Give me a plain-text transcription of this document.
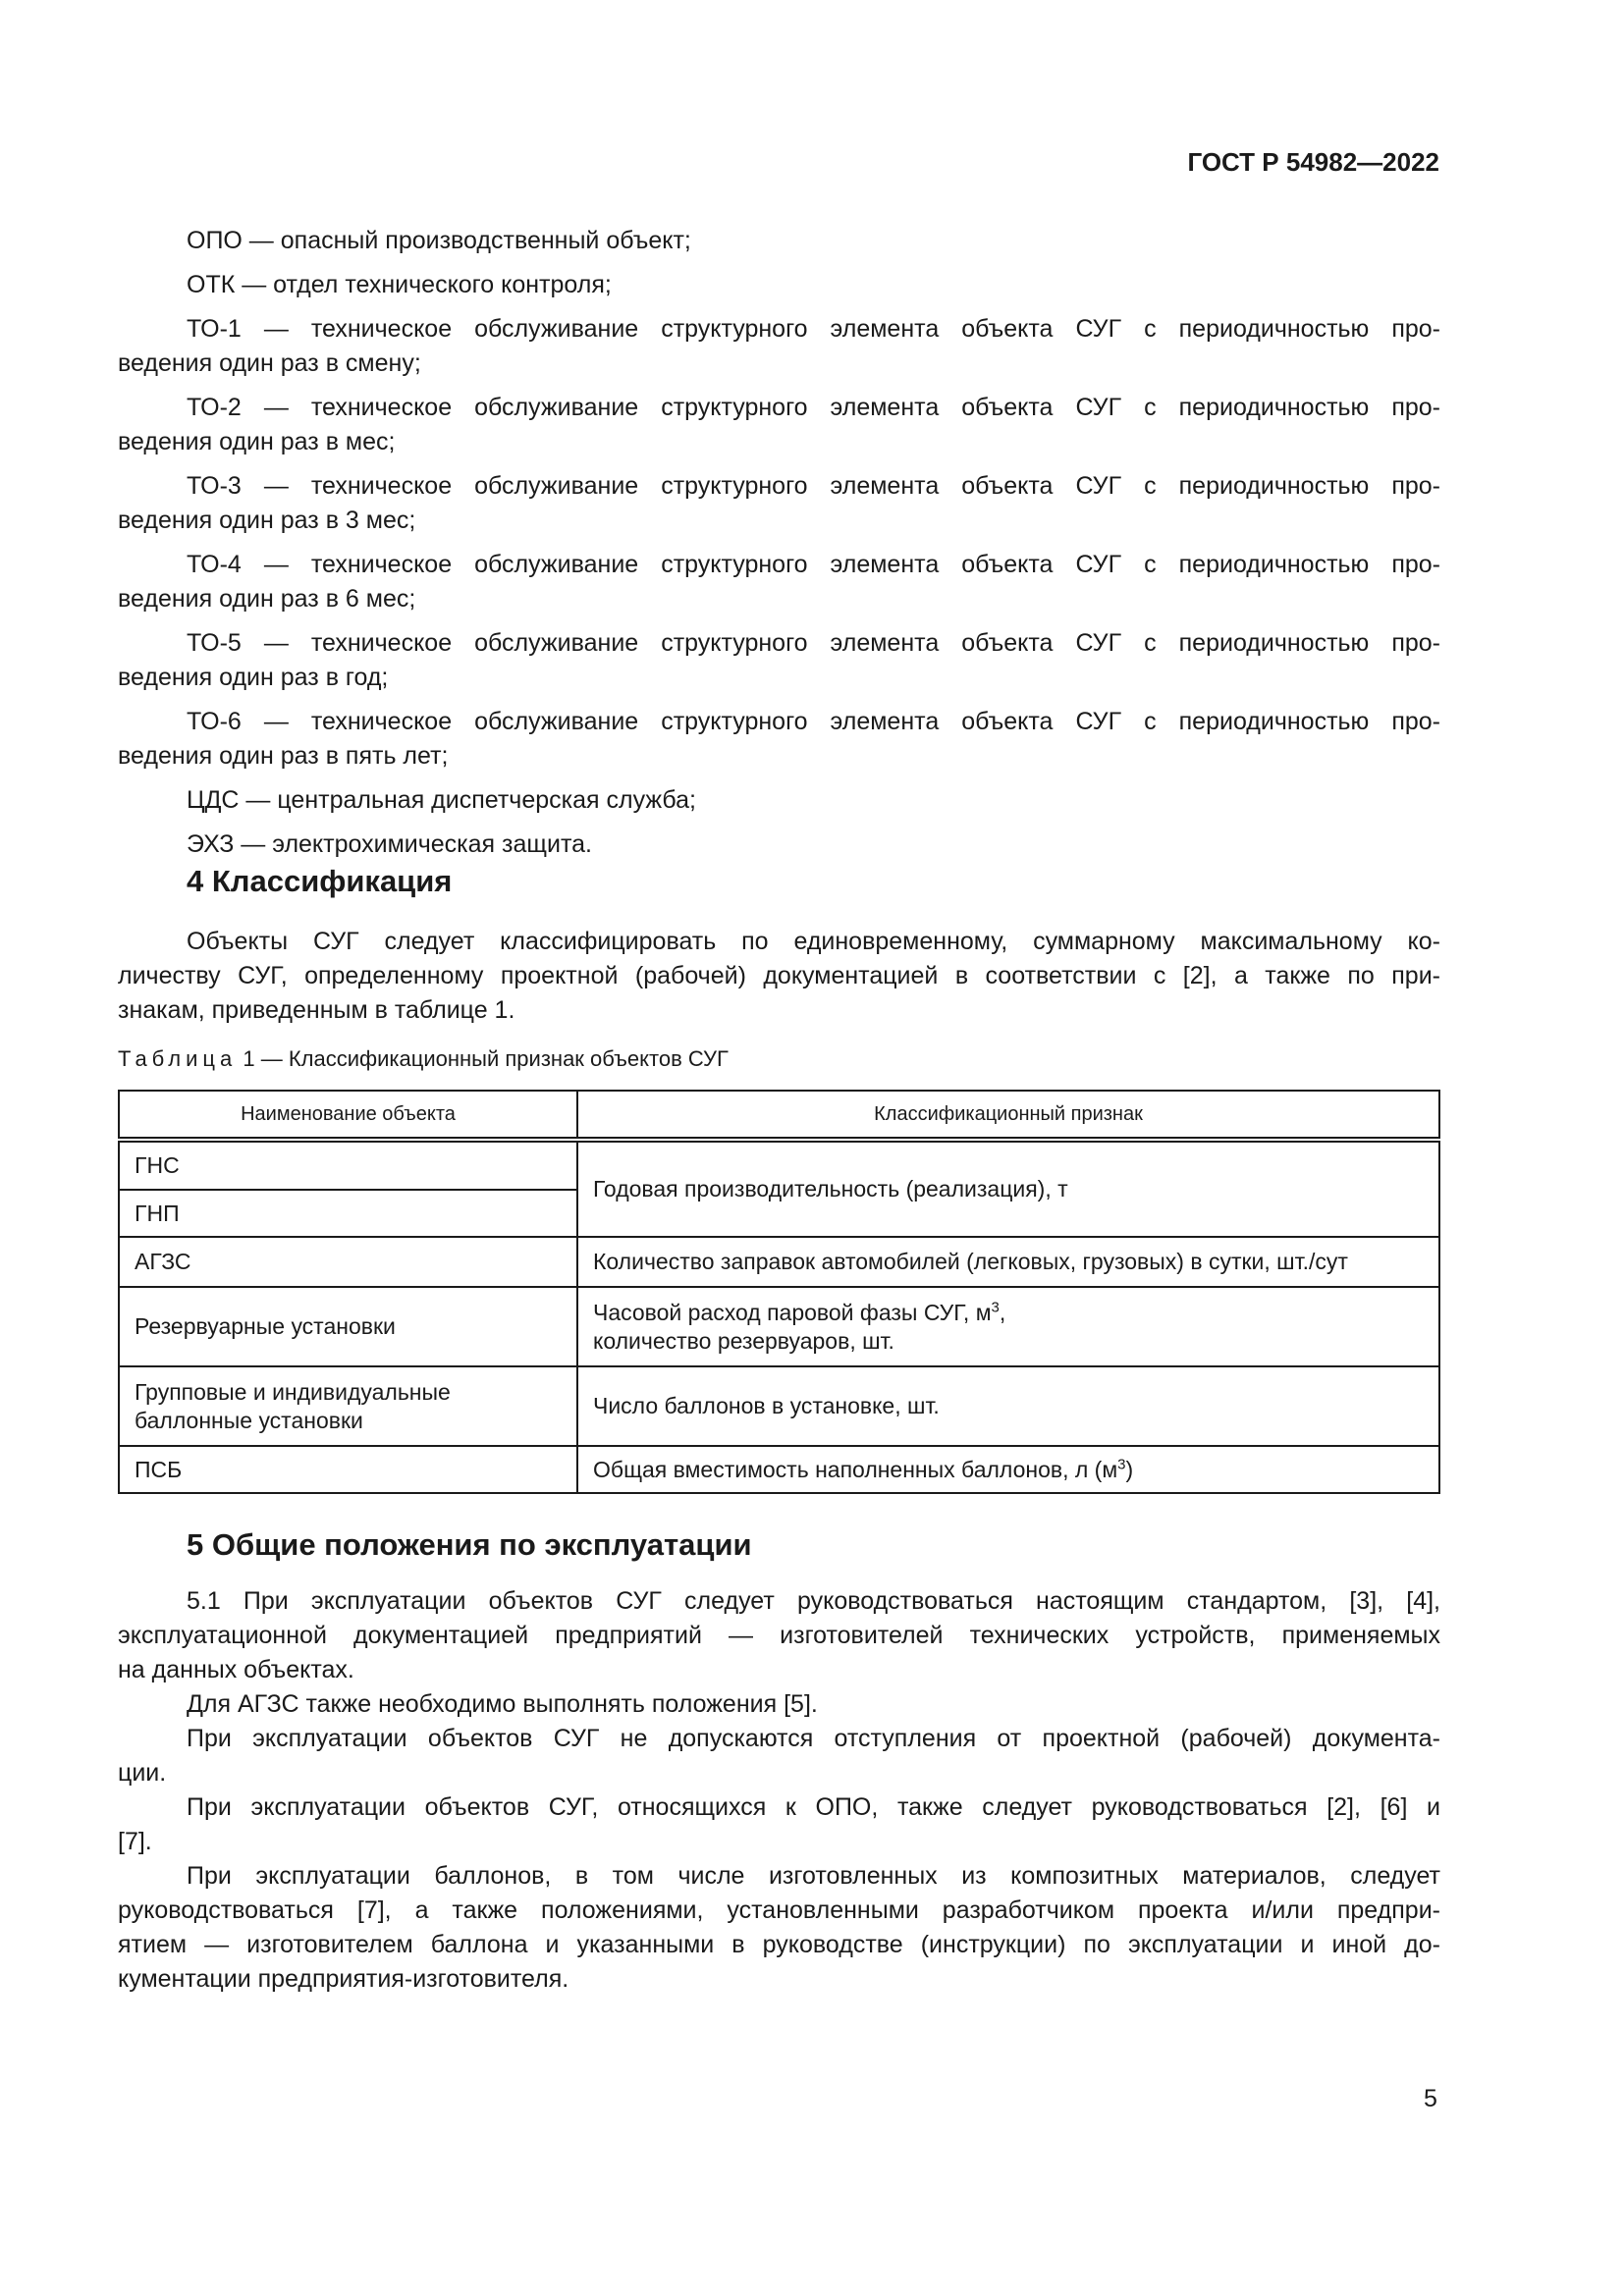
ГОСТ Р 54982—2022
ОПО — опасный производственный объект;
ОТК — отдел технического контроля;
ТО-1 — техническое обслуживание структурного элемента объекта СУГ с периодичностью про-
ведения один раз в смену;
ТО-2 — техническое обслуживание структурного элемента объекта СУГ с периодичностью про-
ведения один раз в мес;
ТО-3 — техническое обслуживание структурного элемента объекта СУГ с периодичностью про-
ведения один раз в 3 мес;
ТО-4 — техническое обслуживание структурного элемента объекта СУГ с периодичностью про-
ведения один раз в 6 мес;
ТО-5 — техническое обслуживание структурного элемента объекта СУГ с периодичностью про-
ведения один раз в год;
ТО-6 — техническое обслуживание структурного элемента объекта СУГ с периодичностью про-
ведения один раз в пять лет;
ЦДС — центральная диспетчерская служба;
ЭХЗ — электрохимическая защита.
4 Классификация
Объекты СУГ следует классифицировать по единовременному, суммарному максимальному ко-
личеству СУГ, определенному проектной (рабочей) документацией в соответствии с [2], а также по при-
знакам, приведенным в таблице 1.
Таблица 1 — Классификационный признак объектов СУГ
Наименование объекта	Классификационный признак
ГНС	Годовая производительность (реализация), т
ГНП	
АГЗС	Количество заправок автомобилей (легковых, грузовых) в сутки, шт./сут
Резервуарные установки	Часовой расход паровой фазы СУГ, $м^3$,
количество резервуаров, шт.
Групповые и индивидуальные
баллонные установки	Число баллонов в установке, шт.
ПСБ	Общая вместимость наполненных баллонов, л $(м^3)$
5 Общие положения по эксплуатации
5.1 При эксплуатации объектов СУГ следует руководствоваться настоящим стандартом, [3], [4],
эксплуатационной документацией предприятий — изготовителей технических устройств, применяемых
на данных объектах.
Для АГЗС также необходимо выполнять положения [5].
При эксплуатации объектов СУГ не допускаются отступления от проектной (рабочей) документа-
ции.
При эксплуатации объектов СУГ, относящихся к ОПО, также следует руководствоваться [2], [6] и
[7].
При эксплуатации баллонов, в том числе изготовленных из композитных материалов, следует
руководствоваться [7], а также положениями, установленными разработчиком проекта и/или предпри-
ятием — изготовителем баллона и указанными в руководстве (инструкции) по эксплуатации и иной до-
кументации предприятия-изготовителя.
5
